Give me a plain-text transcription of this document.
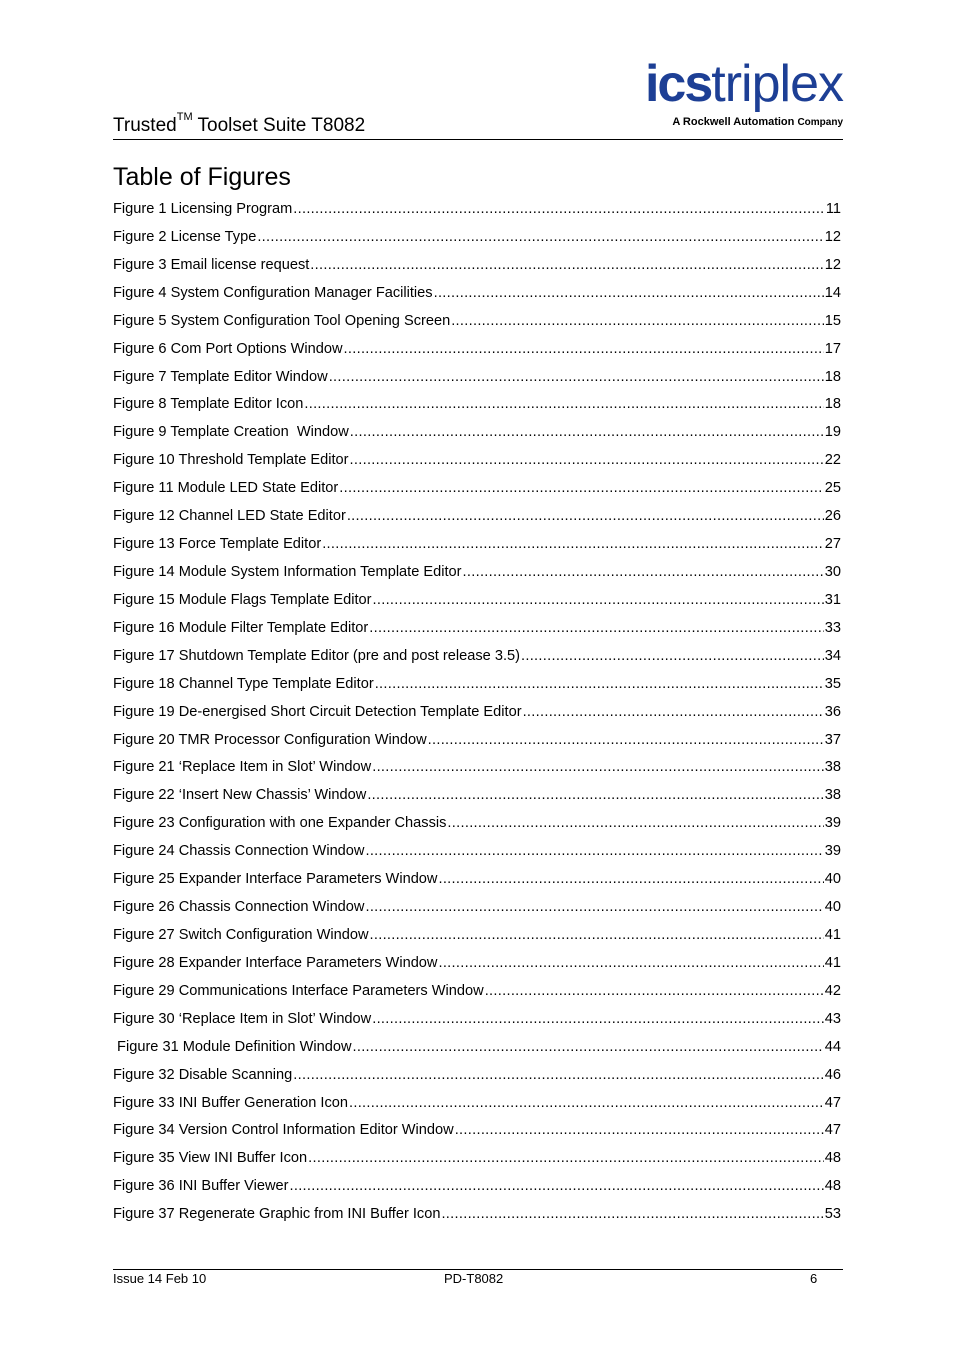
Trusted™ Toolset Suite T8082
icstriplex
A Rockwell Automation Company
Table of Figures
Figure 1 Licensing Program .....	11
Figure 2 License Type .....	12
Figure 3 Email license request .....	12
Figure 4 System Configuration Manager Facilities .....	14
Figure 5 System Configuration Tool Opening Screen .....	15
Figure 6 Com Port Options Window .....	17
Figure 7 Template Editor Window .....	18
Figure 8 Template Editor Icon .....	18
Figure 9 Template Creation  Window .....	19
Figure 10 Threshold Template Editor .....	22
Figure 11 Module LED State Editor .....	25
Figure 12 Channel LED State Editor .....	26
Figure 13 Force Template Editor .....	27
Figure 14 Module System Information Template Editor .....	30
Figure 15 Module Flags Template Editor .....	31
Figure 16 Module Filter Template Editor .....	33
Figure 17 Shutdown Template Editor (pre and post release 3.5) .....	34
Figure 18 Channel Type Template Editor .....	35
Figure 19 De-energised Short Circuit Detection Template Editor .....	36
Figure 20 TMR Processor Configuration Window .....	37
Figure 21 ‘Replace Item in Slot’ Window .....	38
Figure 22 ‘Insert New Chassis’ Window .....	38
Figure 23 Configuration with one Expander Chassis .....	39
Figure 24 Chassis Connection Window .....	39
Figure 25 Expander Interface Parameters Window .....	40
Figure 26 Chassis Connection Window .....	40
Figure 27 Switch Configuration Window .....	41
Figure 28 Expander Interface Parameters Window .....	41
Figure 29 Communications Interface Parameters Window .....	42
Figure 30 ‘Replace Item in Slot’ Window .....	43
Figure 31 Module Definition Window .....	44
Figure 32 Disable Scanning .....	46
Figure 33 INI Buffer Generation Icon .....	47
Figure 34 Version Control Information Editor Window .....	47
Figure 35 View INI Buffer Icon .....	48
Figure 36 INI Buffer Viewer .....	48
Figure 37 Regenerate Graphic from INI Buffer Icon .....	53
Issue 14 Feb 10	PD-T8082	6
